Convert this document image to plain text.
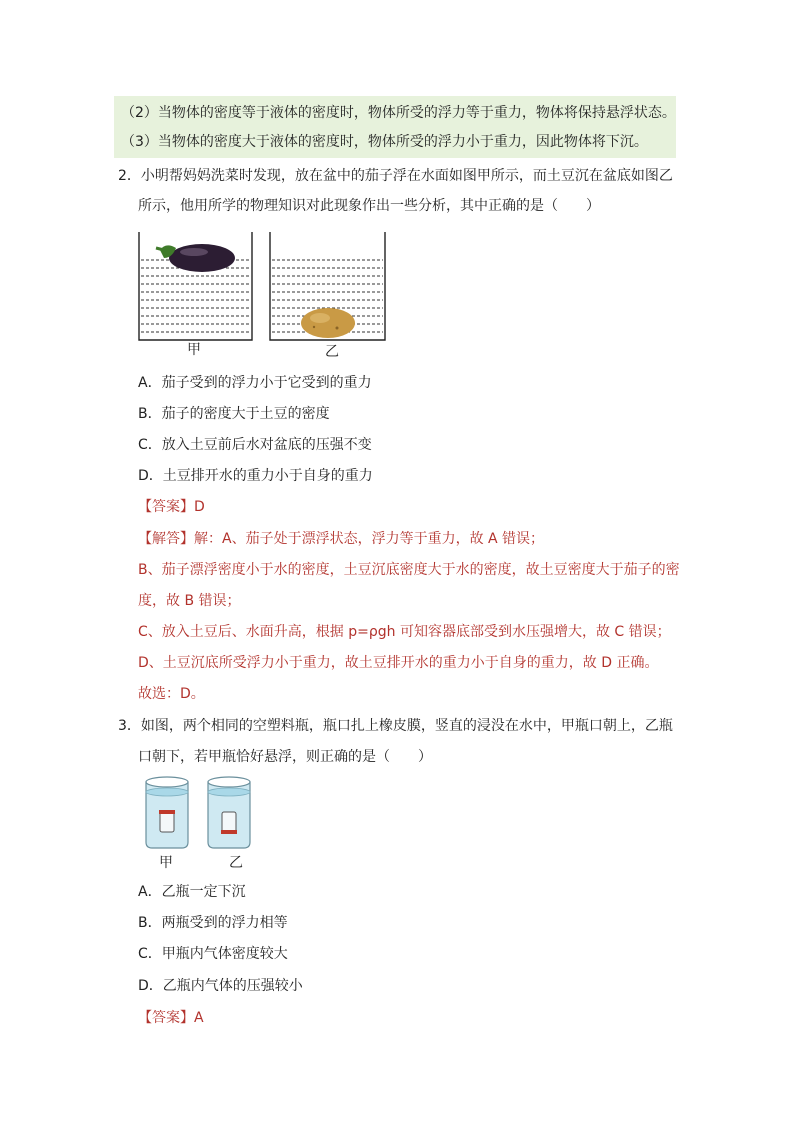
（2）当物体的密度等于液体的密度时，物体所受的浮力等于重力，物体将保持悬浮状态。
（3）当物体的密度大于液体的密度时，物体所受的浮力小于重力，因此物体将下沉。
2．小明帮妈妈洗菜时发现，放在盆中的茄子浮在水面如图甲所示，而土豆沉在盆底如图乙
所示，他用所学的物理知识对此现象作出一些分析，其中正确的是（　　）
甲	乙
A．茄子受到的浮力小于它受到的重力
B．茄子的密度大于土豆的密度
C．放入土豆前后水对盆底的压强不变
D．土豆排开水的重力小于自身的重力
【答案】D
【解答】解：A、茄子处于漂浮状态，浮力等于重力，故 A 错误；
B、茄子漂浮密度小于水的密度，土豆沉底密度大于水的密度，故土豆密度大于茄子的密
度，故 B 错误；
C、放入土豆后、水面升高，根据 p=ρgh 可知容器底部受到水压强增大，故 C 错误；
D、土豆沉底所受浮力小于重力，故土豆排开水的重力小于自身的重力，故 D 正确。
故选：D。
3．如图，两个相同的空塑料瓶，瓶口扎上橡皮膜，竖直的浸没在水中，甲瓶口朝上，乙瓶
口朝下，若甲瓶恰好悬浮，则正确的是（　　）
甲	乙
A．乙瓶一定下沉
B．两瓶受到的浮力相等
C．甲瓶内气体密度较大
D．乙瓶内气体的压强较小
【答案】A
